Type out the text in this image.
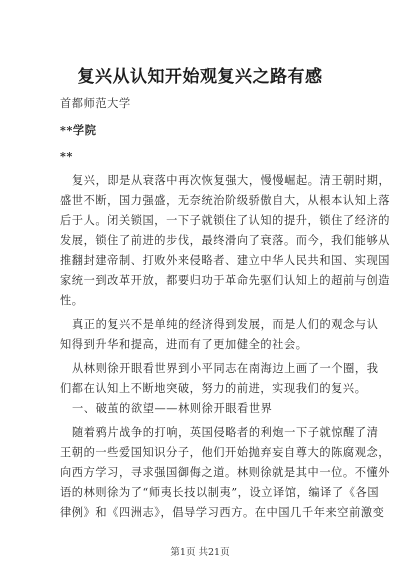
复兴从认知开始观复兴之路有感
首都师范大学
**学院
**
复兴，即是从衰落中再次恢复强大，慢慢崛起。清王朝时期，
盛世不断，国力强盛，无奈统治阶级骄傲自大，从根本认知上落
后于人。闭关锁国，一下子就锁住了认知的提升，锁住了经济的
发展，锁住了前进的步伐，最终滑向了衰落。而今，我们能够从
推翻封建帝制、打败外来侵略者、建立中华人民共和国、实现国
家统一到改革开放，都要归功于革命先驱们认知上的超前与创造
性。
真正的复兴不是单纯的经济得到发展，而是人们的观念与认
知得到升华和提高，进而有了更加健全的社会。
从林则徐开眼看世界到小平同志在南海边上画了一个圈，我
们都在认知上不断地突破，努力的前进，实现我们的复兴。
一、破茧的欲望——林则徐开眼看世界
随着鸦片战争的打响，英国侵略者的利炮一下子就惊醒了清
王朝的一些爱国知识分子，他们开始抛弃妄自尊大的陈腐观念，
向西方学习，寻求强国御侮之道。林则徐就是其中一位。不懂外
语的林则徐为了“师夷长技以制夷”，设立译馆，编译了《各国
律例》和《四洲志》，倡导学习西方。在中国几千年来空前激变
第1页 共21页
